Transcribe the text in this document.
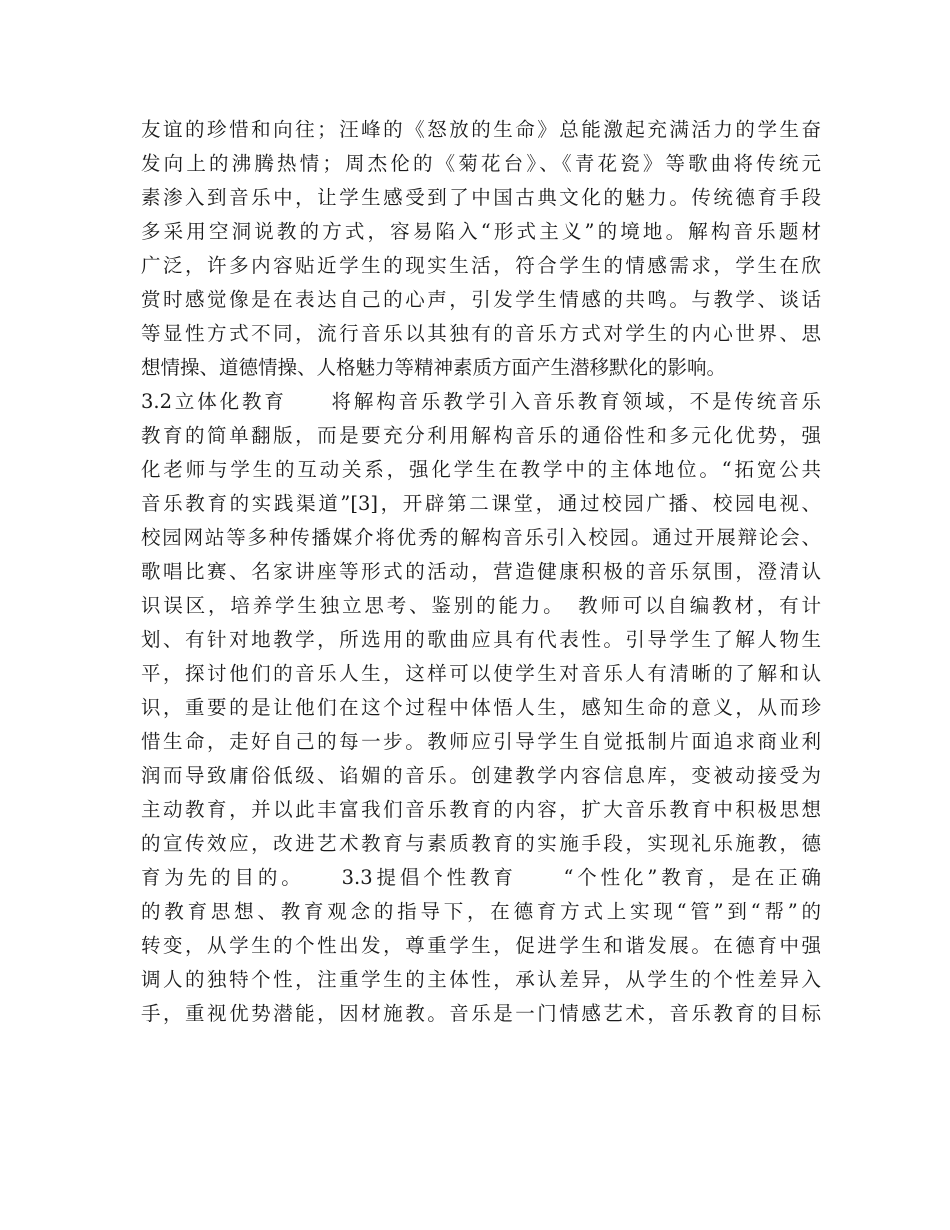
友谊的珍惜和向往；汪峰的《怒放的生命》总能激起充满活力的学生奋
发向上的沸腾热情；周杰伦的《菊花台》、《青花瓷》等歌曲将传统元
素渗入到音乐中，让学生感受到了中国古典文化的魅力。传统德育手段
多采用空洞说教的方式，容易陷入“形式主义”的境地。解构音乐题材
广泛，许多内容贴近学生的现实生活，符合学生的情感需求，学生在欣
赏时感觉像是在表达自己的心声，引发学生情感的共鸣。与教学、谈话
等显性方式不同，流行音乐以其独有的音乐方式对学生的内心世界、思
想情操、道德情操、人格魅力等精神素质方面产生潜移默化的影响。
3.2立体化教育　　将解构音乐教学引入音乐教育领域，不是传统音乐
教育的简单翻版，而是要充分利用解构音乐的通俗性和多元化优势，强
化老师与学生的互动关系，强化学生在教学中的主体地位。“拓宽公共
音乐教育的实践渠道”[3]，开辟第二课堂，通过校园广播、校园电视、
校园网站等多种传播媒介将优秀的解构音乐引入校园。通过开展辩论会、
歌唱比赛、名家讲座等形式的活动，营造健康积极的音乐氛围，澄清认
识误区，培养学生独立思考、鉴别的能力。　教师可以自编教材，有计
划、有针对地教学，所选用的歌曲应具有代表性。引导学生了解人物生
平，探讨他们的音乐人生，这样可以使学生对音乐人有清晰的了解和认
识，重要的是让他们在这个过程中体悟人生，感知生命的意义，从而珍
惜生命，走好自己的每一步。教师应引导学生自觉抵制片面追求商业利
润而导致庸俗低级、谄媚的音乐。创建教学内容信息库，变被动接受为
主动教育，并以此丰富我们音乐教育的内容，扩大音乐教育中积极思想
的宣传效应，改进艺术教育与素质教育的实施手段，实现礼乐施教，德
育为先的目的。　　3.3提倡个性教育　　“个性化”教育，是在正确
的教育思想、教育观念的指导下，在德育方式上实现“管”到“帮”的
转变，从学生的个性出发，尊重学生，促进学生和谐发展。在德育中强
调人的独特个性，注重学生的主体性，承认差异，从学生的个性差异入
手，重视优势潜能，因材施教。音乐是一门情感艺术，音乐教育的目标
